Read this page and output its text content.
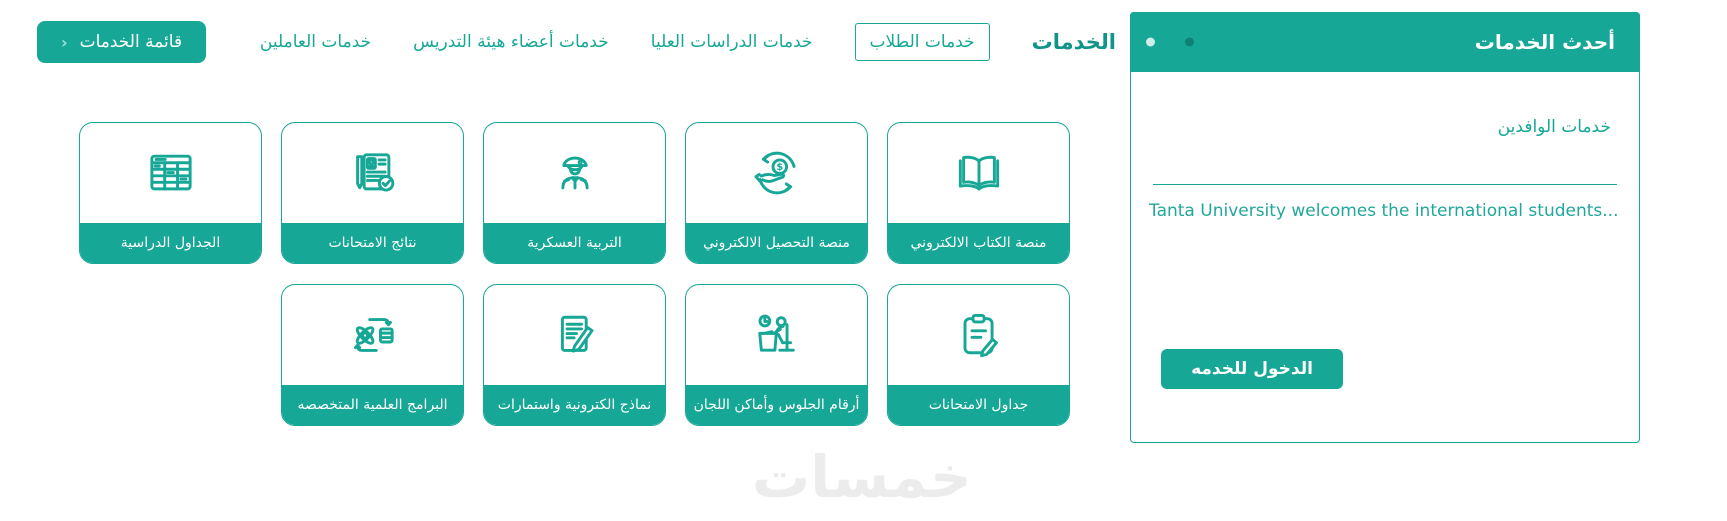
الخدمات
خدمات الطلاب
خدمات الدراسات العليا
خدمات أعضاء هيئة التدريس
خدمات العاملين
قائمة الخدمات
‹
منصة الكتاب الالكتروني
$
منصة التحصيل الالكتروني
التربية العسكرية
نتائج الامتحانات
الجداول الدراسية
جداول الامتحانات
أرقام الجلوس وأماكن اللجان
نماذج الكترونية واستمارات
البرامج العلمية المتخصصه
أحدث الخدمات
خدمات الوافدين
Tanta University welcomes the international students...
الدخول للخدمه
خمسات
